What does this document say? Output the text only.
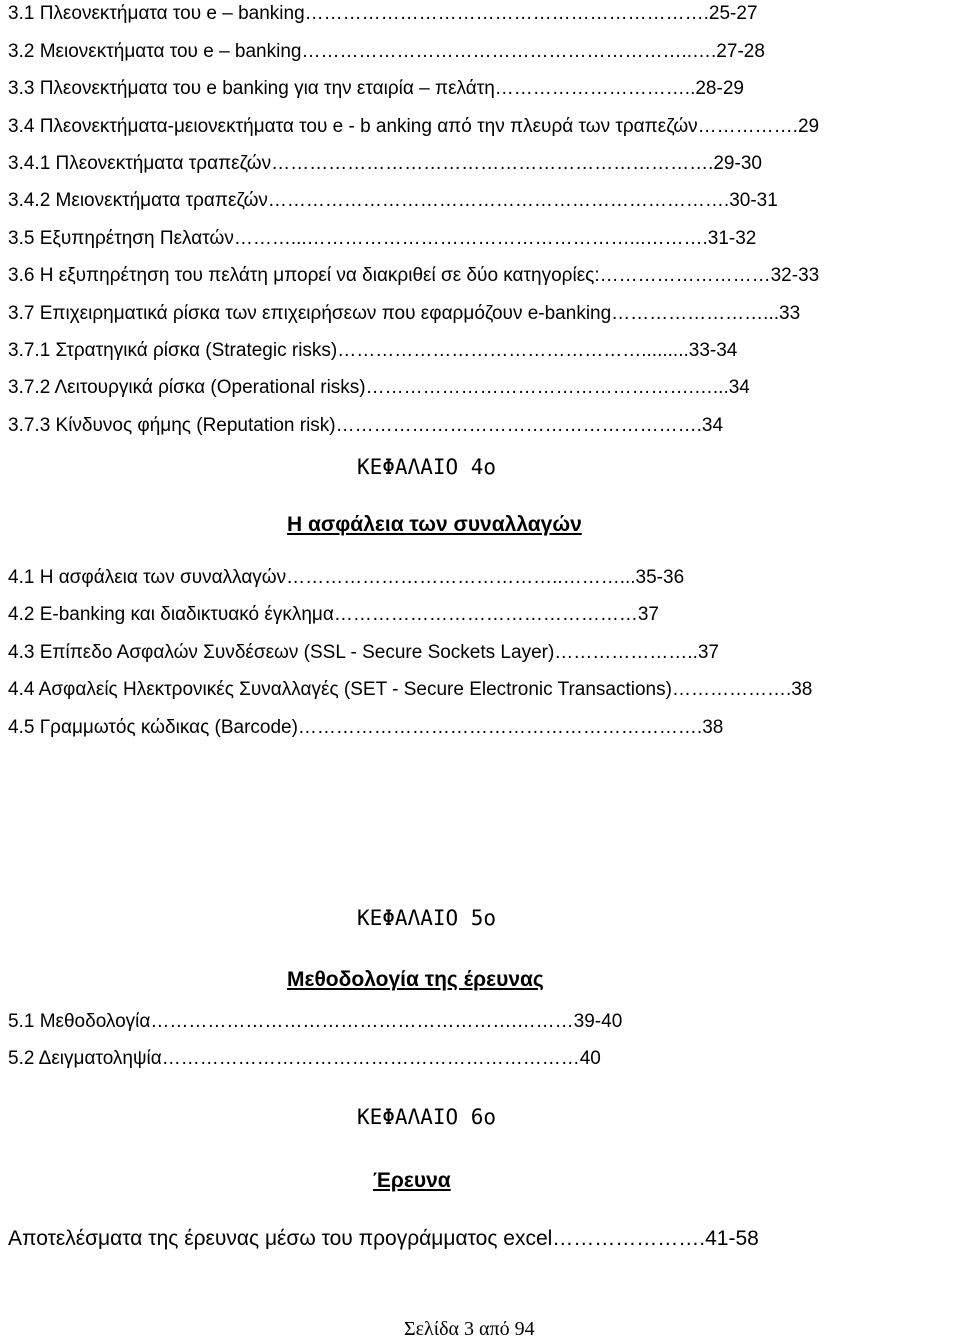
3.1 Πλεονεκτήματα του e – banking……………………………………………………….25-27
3.2 Μειονεκτήματα του e – banking……………………………………………………..….27-28
3.3 Πλεονεκτήματα του e banking για την εταιρία – πελάτη…………………………..28-29
3.4 Πλεονεκτήματα-μειονεκτήματα του e - b anking από την πλευρά των τραπεζών…………….29
3.4.1 Πλεονεκτήματα τραπεζών…………………………………………………………….29-30
3.4.2 Μειονεκτήματα τραπεζών……………………………………………………………….30-31
3.5 Εξυπηρέτηση Πελατών………...……………………………………………...……….31-32
3.6 Η εξυπηρέτηση του πελάτη μπορεί να διακριθεί σε δύο κατηγορίες:………………………32-33
3.7 Επιχειρηματικά ρίσκα των επιχειρήσεων που εφαρμόζουν e-banking……………………...33
3.7.1 Στρατηγικά ρίσκα (Strategic risks)………………………………………….........33-34
3.7.2 Λειτουργικά ρίσκα (Operational risks)…………………………………………….…...34
3.7.3 Κίνδυνος φήμης (Reputation risk)………………………………………………….34
ΚΕΦΑΛΑΙΟ 4ο
Η ασφάλεια των συναλλαγών
4.1 Η ασφάλεια των συναλλαγών……………………………………..………...35-36
4.2 E-banking και διαδικτυακό έγκλημα…………………………………………37
4.3 Επίπεδο Ασφαλών Συνδέσεων (SSL - Secure Sockets Layer)…………………..37
4.4 Ασφαλείς Ηλεκτρονικές Συναλλαγές (SET - Secure Electronic Transactions)……………….38
4.5 Γραμμωτός κώδικας (Barcode)……………………………………………………….38
ΚΕΦΑΛΑΙΟ 5ο
Μεθοδολογία της έρευνας
5.1 Μεθοδολογία………………………………………………….………39-40
5.2 Δειγματοληψία…………………………………………………………40
ΚΕΦΑΛΑΙΟ 6ο
Έρευνα
Αποτελέσματα της έρευνας μέσω του προγράμματος excel………………….41-58
Σελίδα 3 από 94
